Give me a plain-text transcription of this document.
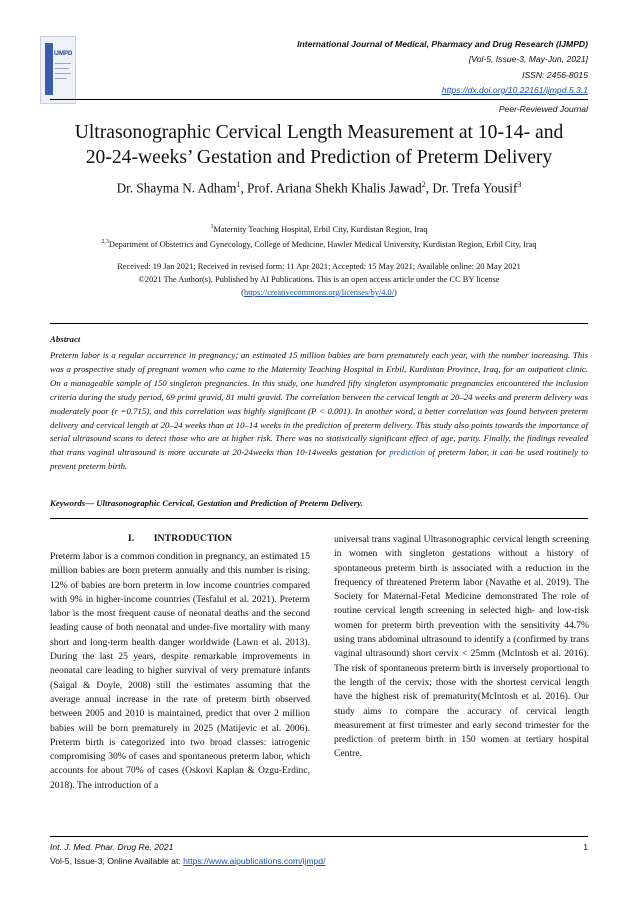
IJMPD
International Journal of Medical, Pharmacy and Drug Research (IJMPD)
[Vol-5, Issue-3, May-Jun, 2021]
ISSN: 2456-8015
https://dx.doi.org/10.22161/ijmpd.5.3.1
Peer-Reviewed Journal
Ultrasonographic Cervical Length Measurement at 10-14- and
20-24-weeks’ Gestation and Prediction of Preterm Delivery
Dr. Shayma N. Adham$^1$, Prof. Ariana Shekh Khalis Jawad$^2$, Dr. Trefa Yousif$^3$
$^1$Maternity Teaching Hospital, Erbil City, Kurdistan Region, Iraq
$^{2,3}$Department of Obstetrics and Gynecology, College of Medicine, Hawler Medical University, Kurdistan Region, Erbil City, Iraq
Received: 19 Jan 2021; Received in revised form: 11 Apr 2021; Accepted: 15 May 2021; Available online: 20 May 2021
©2021 The Author(s). Published by AI Publications. This is an open access article under the CC BY license
(https://creativecommons.org/licenses/by/4.0/)
Abstract
Preterm labor is a regular occurrence in pregnancy; an estimated 15 million babies are born prematurely each year, with the number increasing. This was a prospective study of pregnant women who came to the Maternity Teaching Hospital in Erbil, Kurdistan Province, Iraq, for an outpatient clinic. On a manageable sample of 150 singleton pregnancies. In this study, one hundred fifty singleton asymptomatic pregnancies encountered the inclusion criteria during the study period, 69 primi gravid, 81 multi gravid. The correlation between the cervical length at 20–24 weeks and preterm delivery was moderately poor (r =0.715), and this correlation was highly significant (P < 0.001). In another word, a better correlation was found between preterm delivery and cervical length at 20–24 weeks than at 10–14 weeks in the prediction of preterm delivery. This study also points towards the importance of serial ultrasound scans to detect those who are at higher risk. There was no statistically significant effect of age, parity. Finally, the findings revealed that trans vaginal ultrasound is more accurate at 20-24weeks than 10-14weeks gestation for prediction of preterm labor, it can be used routinely to prevent preterm birth.
Keywords— Ultrasonographic Cervical, Gestation and Prediction of Preterm Delivery.
I.        INTRODUCTION
Preterm labor is a common condition in pregnancy, an estimated 15 million babies are born preterm annually and this number is rising. 12% of babies are born preterm in low income countries compared with 9% in higher-income countries (Tesfalul et al. 2021). Preterm labor is the most frequent cause of neonatal deaths and the second leading cause of both neonatal and under-five mortality with many short and long-term health danger worldwide (Lawn et al. 2013). During the last 25 years, despite remarkable improvements in neonatal care leading to higher survival of very premature infants (Saigal & Doyle, 2008) still the estimates assuming that the average annual increase in the rate of preterm birth observed between 2005 and 2010 is maintained, predict that over 2 million babies will be born prematurely in 2025 (Matijevic et al. 2006). Preterm birth is categorized into two broad classes: iatrogenic compromising 30% of cases and spontaneous preterm labor, which accounts for about 70% of cases (Oskovi Kaplan & Ozgu-Erdinc, 2018). The introduction of a
universal trans vaginal Ultrasonographic cervical length screening in women with singleton gestations without a history of spontaneous preterm birth is associated with a reduction in the frequency of threatened Preterm labor (Navathe et al. 2019). The Society for Maternal-Fetal Medicine demonstrated The role of routine cervical length screening in selected high- and low-risk women for preterm birth prevention with the sensitivity 44.7% using trans abdominal ultrasound to identify a (confirmed by trans vaginal ultrasound) short cervix < 25mm (McIntosh et al. 2016). The risk of spontaneous preterm birth is inversely proportional to the length of the cervix; those with the shortest cervical length have the highest risk of prematurity(McIntosh et al. 2016). Our study aims to compare the accuracy of cervical length measurement at first trimester and early second trimester for the prediction of preterm birth in 150 women at tertiary hospital Centre.
Int. J. Med. Phar. Drug Re. 2021
Vol-5, Issue-3; Online Available at: https://www.aipublications.com/ijmpd/
1
